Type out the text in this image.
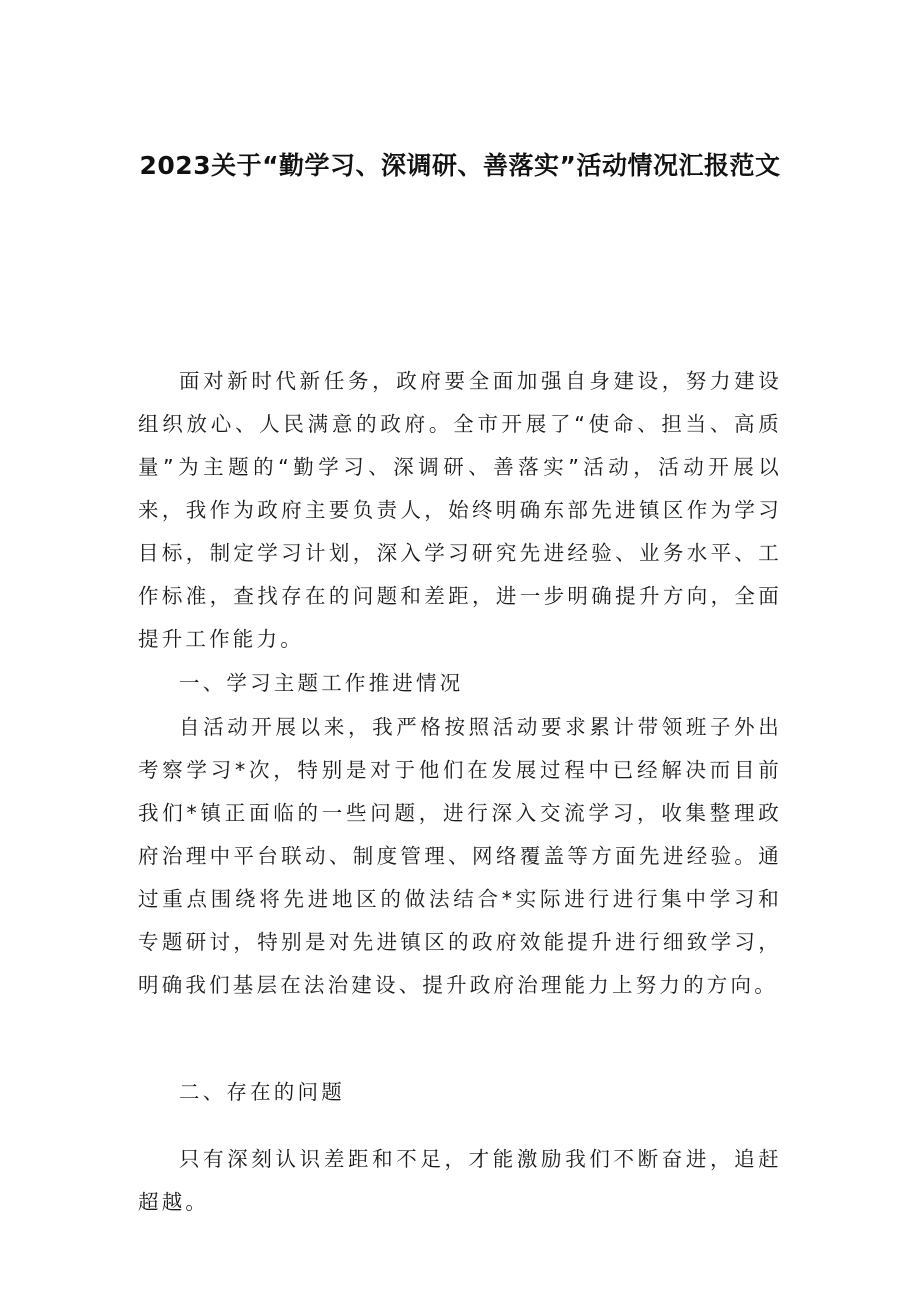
2023关于“勤学习、深调研、善落实”活动情况汇报范文

面对新时代新任务，政府要全面加强自身建设，努力建设组织放心、人民满意的政府。全市开展了“使命、担当、高质量”为主题的“勤学习、深调研、善落实”活动，活动开展以来，我作为政府主要负责人，始终明确东部先进镇区作为学习目标，制定学习计划，深入学习研究先进经验、业务水平、工作标准，查找存在的问题和差距，进一步明确提升方向，全面提升工作能力。

一、学习主题工作推进情况

自活动开展以来，我严格按照活动要求累计带领班子外出考察学习*次，特别是对于他们在发展过程中已经解决而目前我们*镇正面临的一些问题，进行深入交流学习，收集整理政府治理中平台联动、制度管理、网络覆盖等方面先进经验。通过重点围绕将先进地区的做法结合*实际进行进行集中学习和专题研讨，特别是对先进镇区的政府效能提升进行细致学习，明确我们基层在法治建设、提升政府治理能力上努力的方向。

二、存在的问题

只有深刻认识差距和不足，才能激励我们不断奋进，追赶超越。
